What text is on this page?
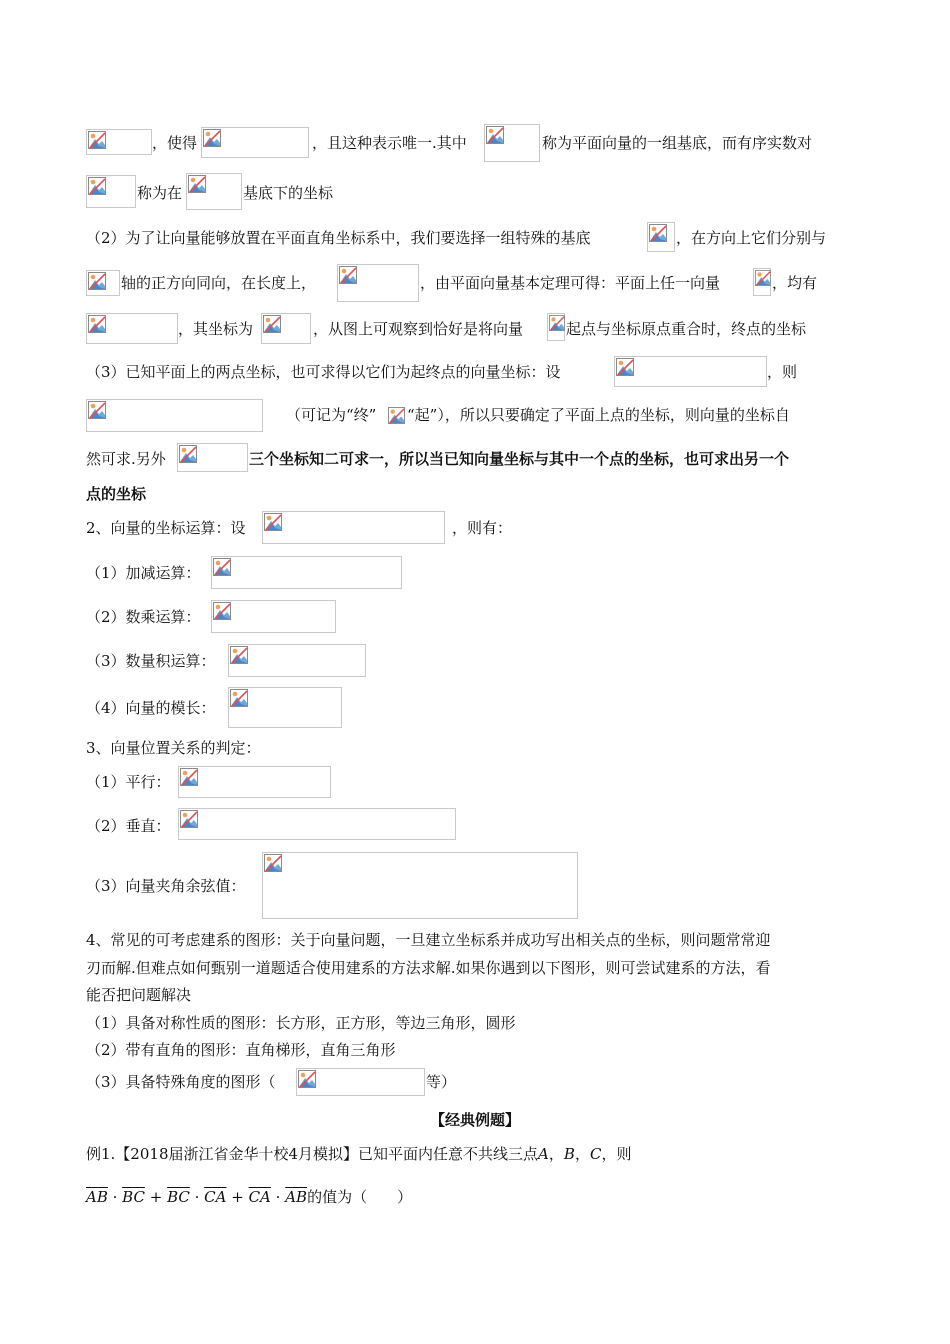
，使得	，且这种表示唯一.其中	称为平面向量的一组基底，而有序实数对
称为在	基底下的坐标
（2）为了让向量能够放置在平面直角坐标系中，我们要选择一组特殊的基底	，在方向上它们分别与
轴的正方向同向，在长度上，	，由平面向量基本定理可得：平面上任一向量	，均有
，其坐标为	，从图上可观察到恰好是将向量	起点与坐标原点重合时，终点的坐标
（3）已知平面上的两点坐标，也可求得以它们为起终点的向量坐标：设	，则
（可记为“终” “起”），所以只要确定了平面上点的坐标，则向量的坐标自
然可求.另外	三个坐标知二可求一，所以当已知向量坐标与其中一个点的坐标，也可求出另一个
点的坐标
2、向量的坐标运算：设	，则有：
（1）加减运算：
（2）数乘运算：
（3）数量积运算：
（4）向量的模长：
3、向量位置关系的判定：
（1）平行：
（2）垂直：
（3）向量夹角余弦值：
4、常见的可考虑建系的图形：关于向量问题，一旦建立坐标系并成功写出相关点的坐标，则问题常常迎
刃而解.但难点如何甄别一道题适合使用建系的方法求解.如果你遇到以下图形，则可尝试建系的方法，看
能否把问题解决
（1）具备对称性质的图形：长方形，正方形，等边三角形，圆形
（2）带有直角的图形：直角梯形，直角三角形
（3）具备特殊角度的图形（	等）
【经典例题】
例1.【2018届浙江省金华十校4月模拟】已知平面内任意不共线三点A，B，C，则
$\overline{AB} \cdot \overline{BC} + \overline{BC} \cdot \overline{CA} + \overline{CA} \cdot \overline{AB}$的值为（　　）
